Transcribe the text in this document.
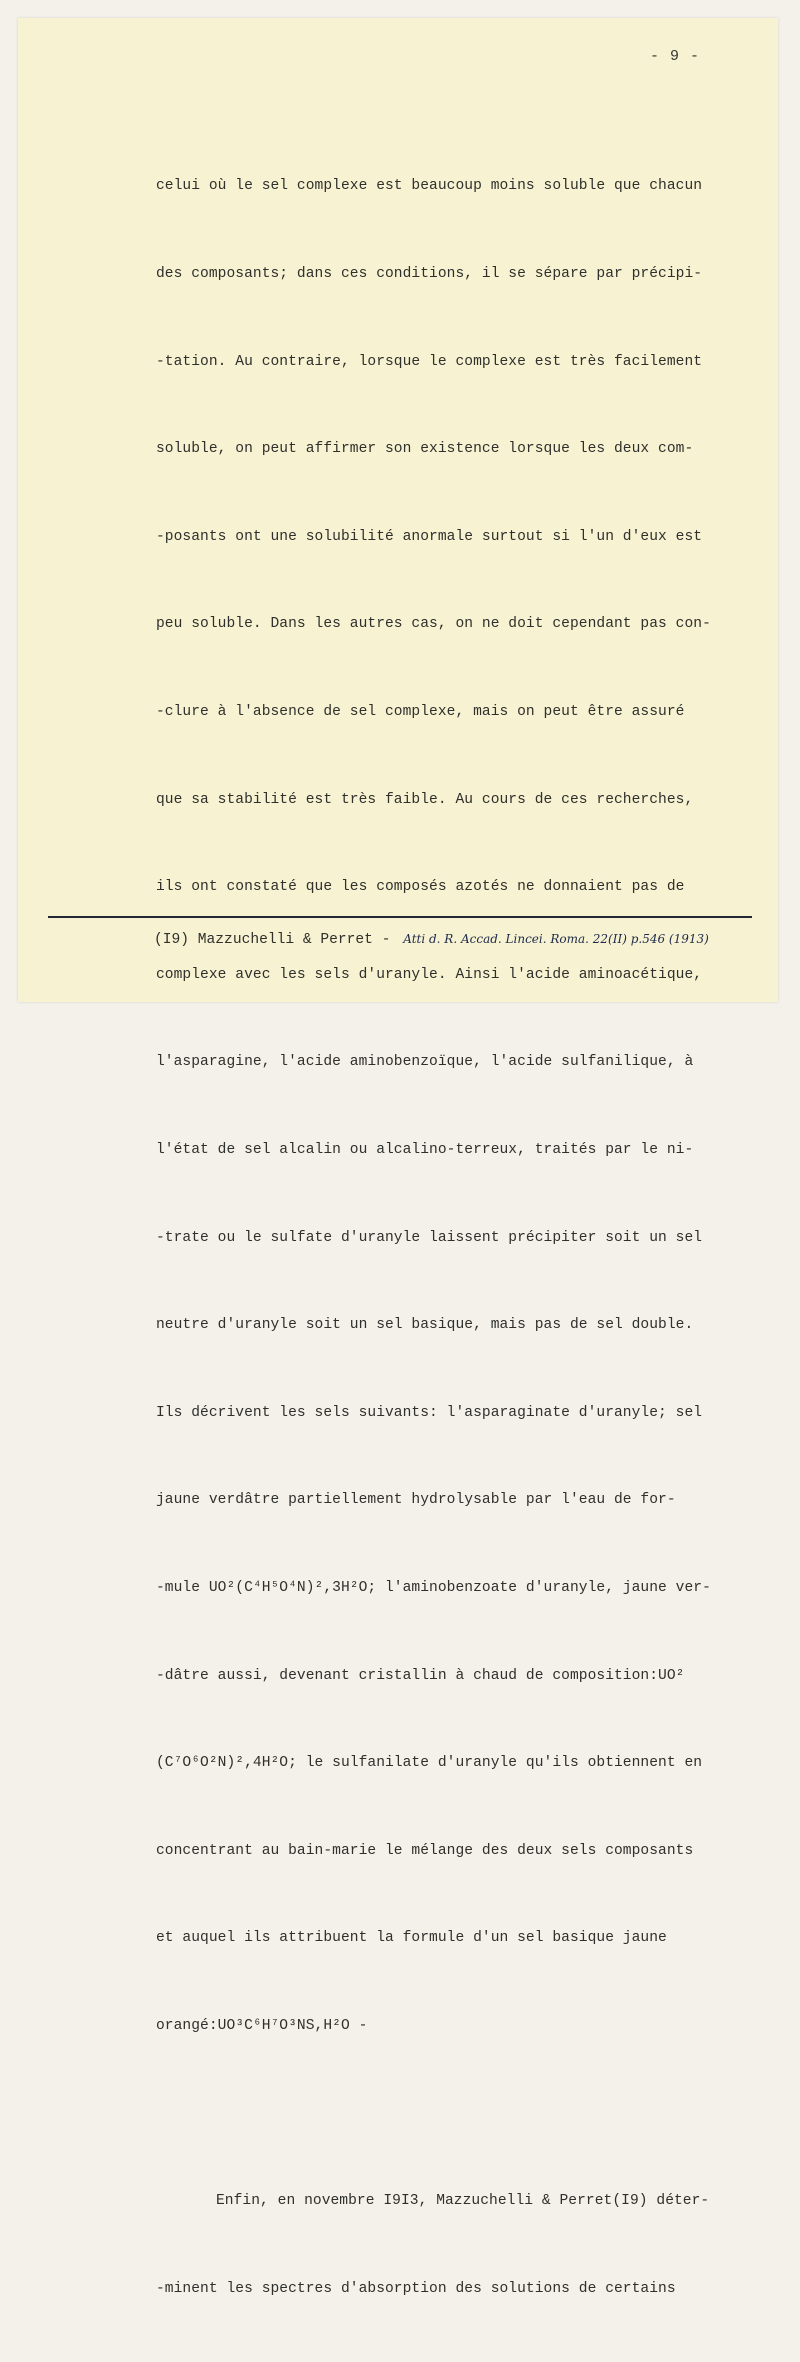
- 9 -

celui où le sel complexe est beaucoup moins soluble que chacun

des composants; dans ces conditions, il se sépare par précipi-

-tation. Au contraire, lorsque le complexe est très facilement

soluble, on peut affirmer son existence lorsque les deux com-

-posants ont une solubilité anormale surtout si l'un d'eux est

peu soluble. Dans les autres cas, on ne doit cependant pas con-

-clure à l'absence de sel complexe, mais on peut être assuré

que sa stabilité est très faible. Au cours de ces recherches,

ils ont constaté que les composés azotés ne donnaient pas de

complexe avec les sels d'uranyle. Ainsi l'acide aminoacétique,

l'asparagine, l'acide aminobenzoïque, l'acide sulfanilique, à

l'état de sel alcalin ou alcalino-terreux, traités par le ni-

-trate ou le sulfate d'uranyle laissent précipiter soit un sel

neutre d'uranyle soit un sel basique, mais pas de sel double.

Ils décrivent les sels suivants: l'asparaginate d'uranyle; sel

jaune verdâtre partiellement hydrolysable par l'eau de for-

-mule UO²(C⁴H⁵O⁴N)²,3H²O; l'aminobenzoate d'uranyle, jaune ver-

-dâtre aussi, devenant cristallin à chaud de composition:UO²

(C⁷O⁶O²N)²,4H²O; le sulfanilate d'uranyle qu'ils obtiennent en

concentrant au bain-marie le mélange des deux sels composants

et auquel ils attribuent la formule d'un sel basique jaune

orangé:UO³C⁶H⁷O³NS,H²O -

Enfin, en novembre I9I3, Mazzuchelli & Perret(I9) déter-

-minent les spectres d'absorption des solutions de certains

(I9) Mazzuchelli & Perret - Atti d. R. Accad. Lincei. Roma. 22(II) p.546 (1913)
